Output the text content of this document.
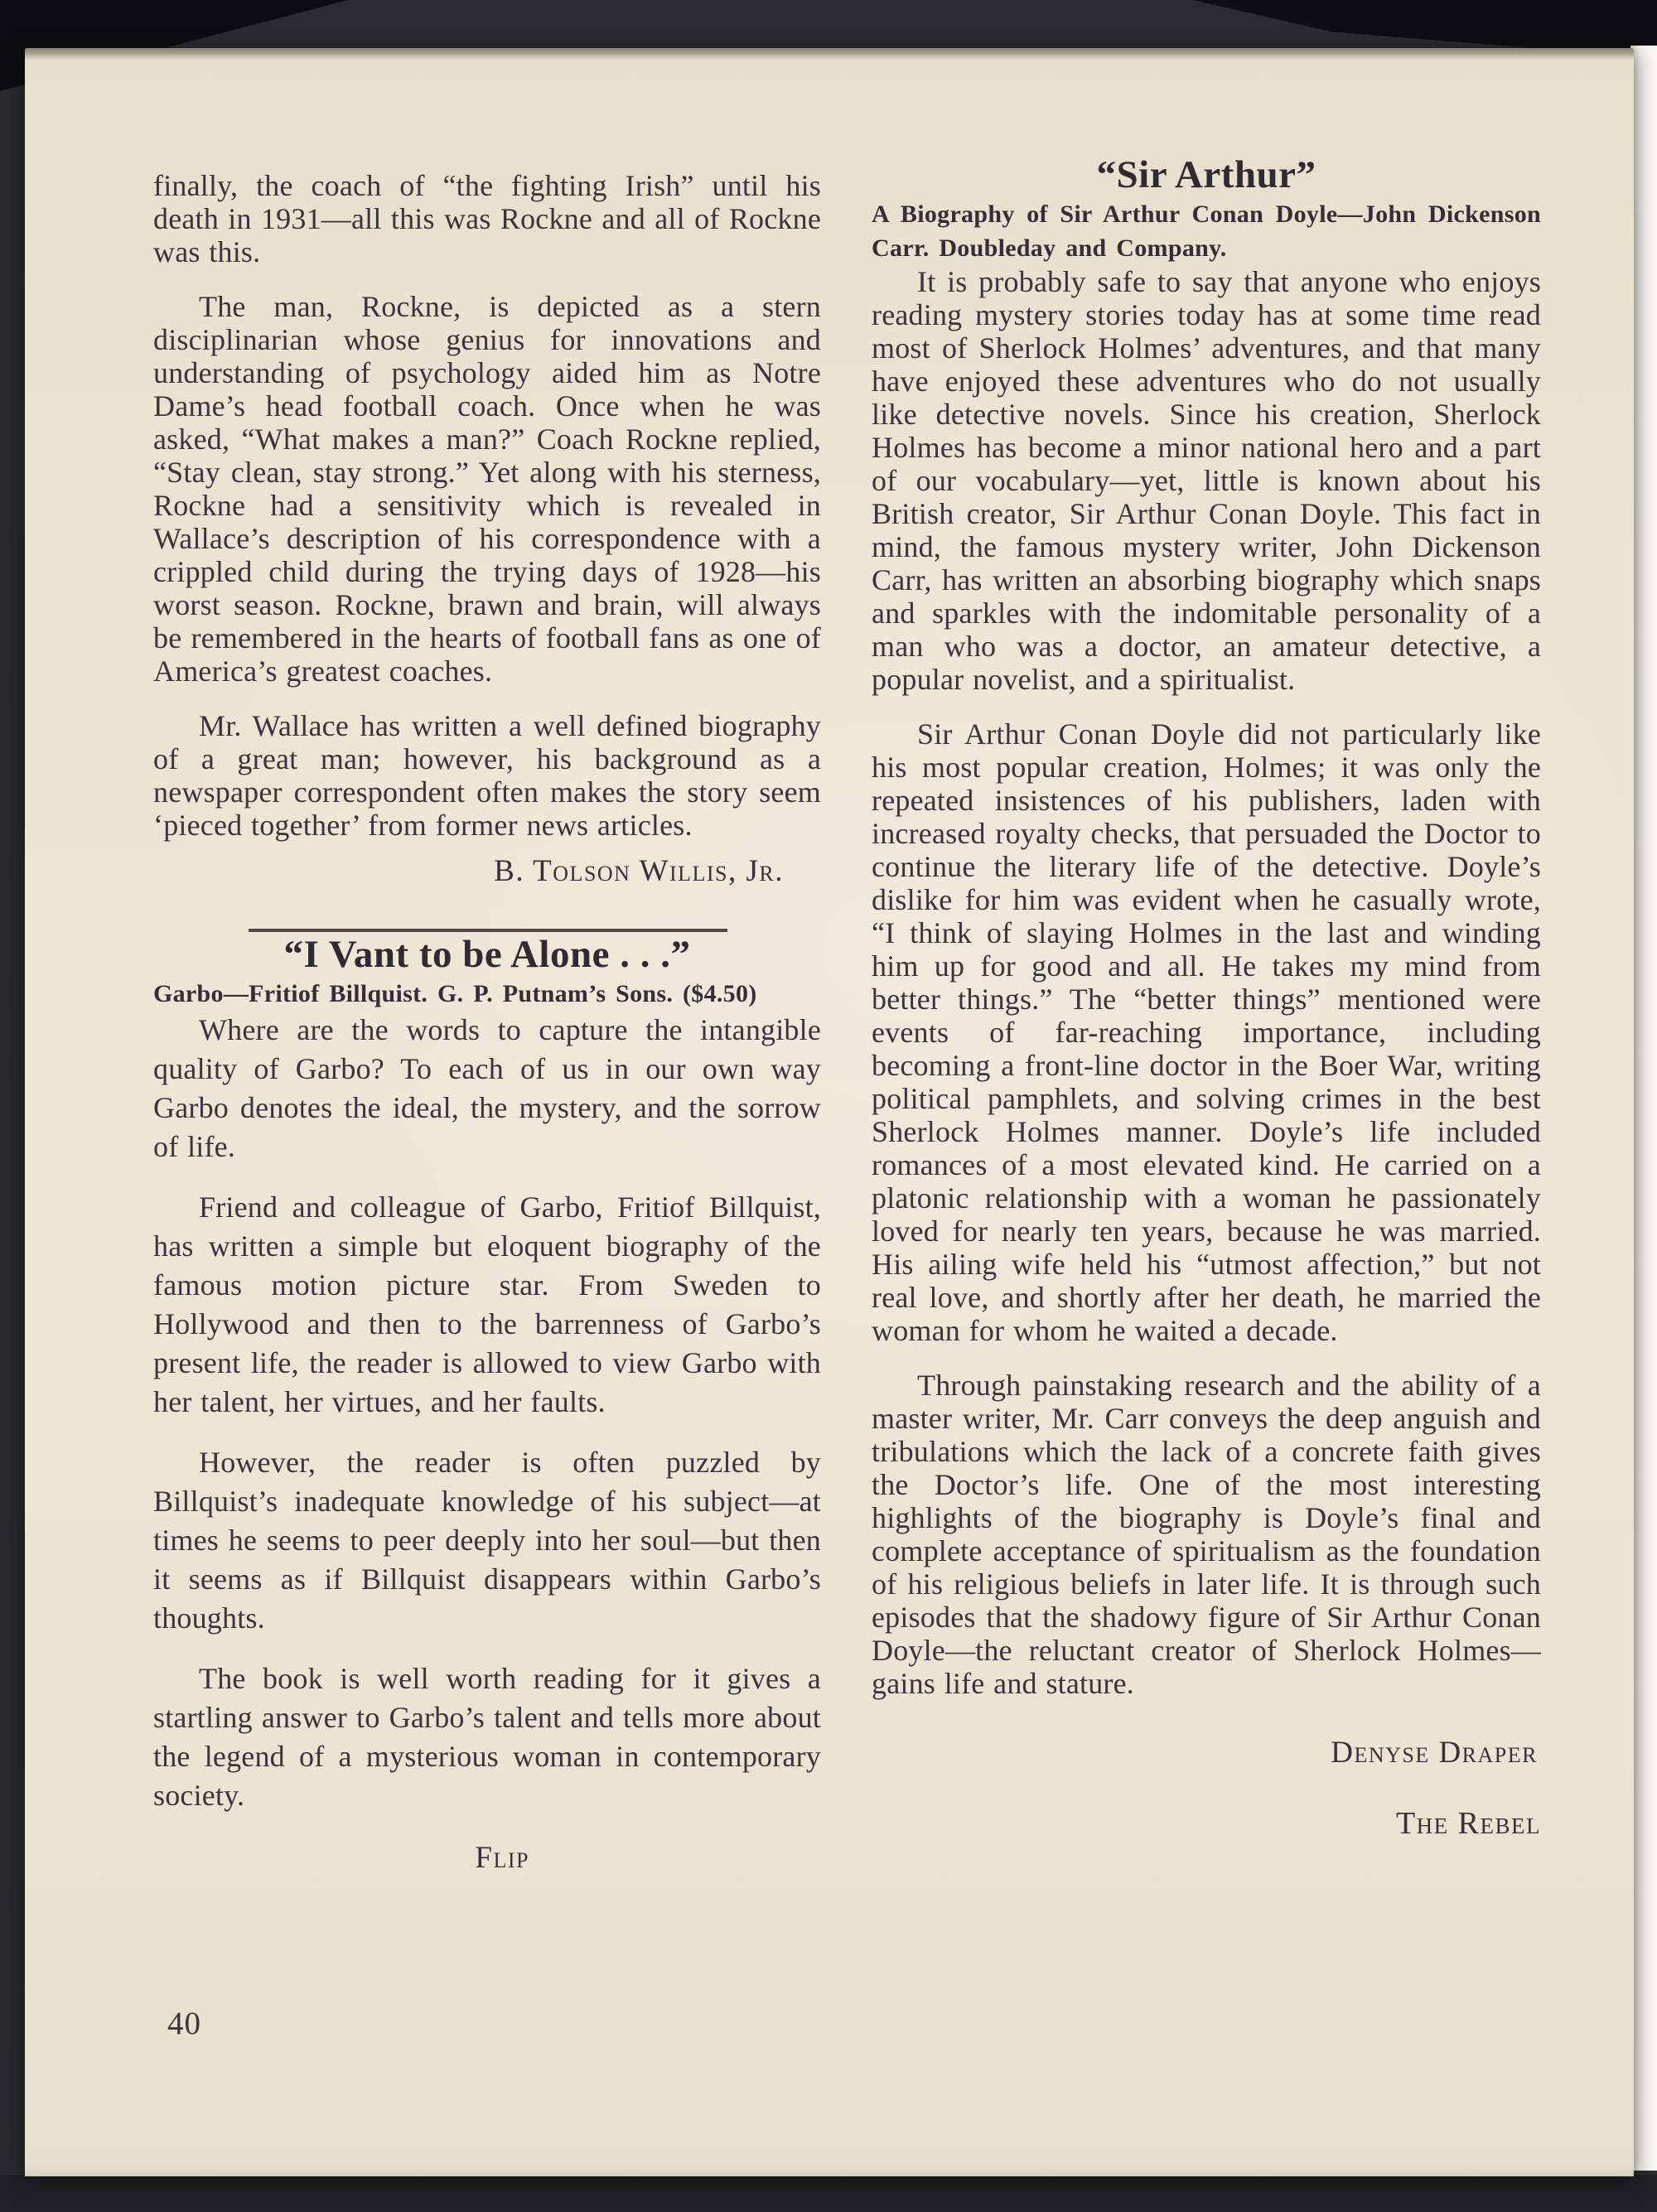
finally, the coach of “the fighting Irish” until his death in 1931—all this was Rockne and all of Rockne was this.

The man, Rockne, is depicted as a stern disciplinarian whose genius for innovations and understanding of psychology aided him as Notre Dame’s head football coach. Once when he was asked, “What makes a man?” Coach Rockne replied, “Stay clean, stay strong.” Yet along with his sterness, Rockne had a sensitivity which is revealed in Wallace’s description of his correspondence with a crippled child during the trying days of 1928—his worst season. Rockne, brawn and brain, will always be remembered in the hearts of football fans as one of America’s greatest coaches.

Mr. Wallace has written a well defined biography of a great man; however, his background as a newspaper correspondent often makes the story seem ‘pieced together’ from former news articles.

B. Tolson Willis, Jr.
“I Vant to be Alone . . .”

Garbo—Fritiof Billquist. G. P. Putnam’s Sons. ($4.50)

Where are the words to capture the intangible quality of Garbo? To each of us in our own way Garbo denotes the ideal, the mystery, and the sorrow of life.

Friend and colleague of Garbo, Fritiof Billquist, has written a simple but eloquent biography of the famous motion picture star. From Sweden to Hollywood and then to the barrenness of Garbo’s present life, the reader is allowed to view Garbo with her talent, her virtues, and her faults.

However, the reader is often puzzled by Billquist’s inadequate knowledge of his subject—at times he seems to peer deeply into her soul—but then it seems as if Billquist disappears within Garbo’s thoughts.

The book is well worth reading for it gives a startling answer to Garbo’s talent and tells more about the legend of a mysterious woman in contemporary society.

Flip
“Sir Arthur”

A Biography of Sir Arthur Conan Doyle—John Dickenson Carr. Doubleday and Company.

It is probably safe to say that anyone who enjoys reading mystery stories today has at some time read most of Sherlock Holmes’ adventures, and that many have enjoyed these adventures who do not usually like detective novels. Since his creation, Sherlock Holmes has become a minor national hero and a part of our vocabulary—yet, little is known about his British creator, Sir Arthur Conan Doyle. This fact in mind, the famous mystery writer, John Dickenson Carr, has written an absorbing biography which snaps and sparkles with the indomitable personality of a man who was a doctor, an amateur detective, a popular novelist, and a spiritualist.

Sir Arthur Conan Doyle did not particularly like his most popular creation, Holmes; it was only the repeated insistences of his publishers, laden with increased royalty checks, that persuaded the Doctor to continue the literary life of the detective. Doyle’s dislike for him was evident when he casually wrote, “I think of slaying Holmes in the last and winding him up for good and all. He takes my mind from better things.” The “better things” mentioned were events of far-reaching importance, including becoming a front-line doctor in the Boer War, writing political pamphlets, and solving crimes in the best Sherlock Holmes manner. Doyle’s life included romances of a most elevated kind. He carried on a platonic relationship with a woman he passionately loved for nearly ten years, because he was married. His ailing wife held his “utmost affection,” but not real love, and shortly after her death, he married the woman for whom he waited a decade.

Through painstaking research and the ability of a master writer, Mr. Carr conveys the deep anguish and tribulations which the lack of a concrete faith gives the Doctor’s life. One of the most interesting highlights of the biography is Doyle’s final and complete acceptance of spiritualism as the foundation of his religious beliefs in later life. It is through such episodes that the shadowy figure of Sir Arthur Conan Doyle—the reluctant creator of Sherlock Holmes—gains life and stature.

Denyse Draper
The Rebel
40
